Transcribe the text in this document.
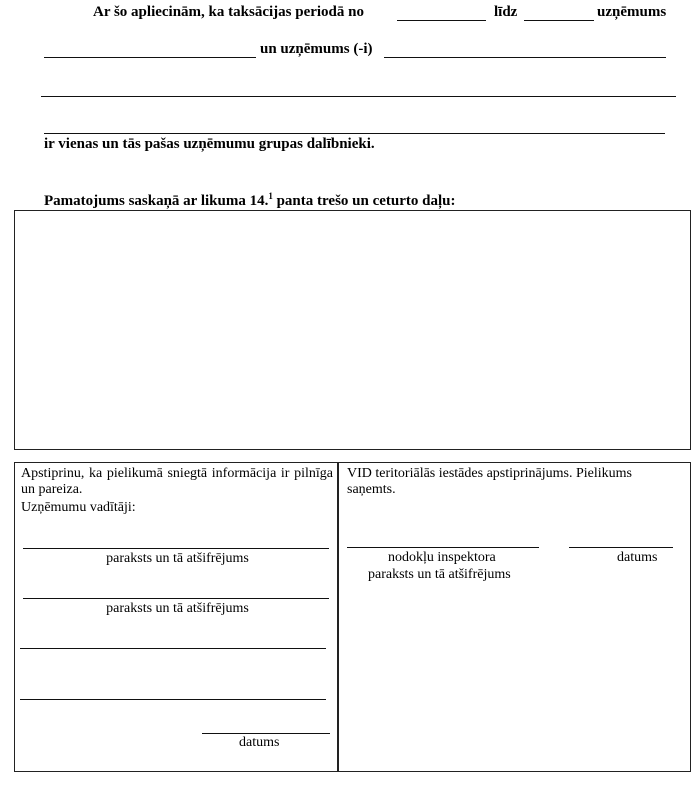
Ar šo apliecinām, ka taksācijas periodā no	līdz	uzņēmums
un uzņēmums (-i)
ir vienas un tās pašas uzņēmumu grupas dalībnieki.
Pamatojums saskaņā ar likuma 14.$^1$ panta trešo un ceturto daļu:
Apstiprinu, ka pielikumā sniegtā informācija ir pilnīga un pareiza.
Uzņēmumu vadītāji:
paraksts un tā atšifrējums
paraksts un tā atšifrējums
datums
VID teritoriālās iestādes apstiprinājums. Pielikums saņemts.
nodokļu inspektora
paraksts un tā atšifrējums
datums
